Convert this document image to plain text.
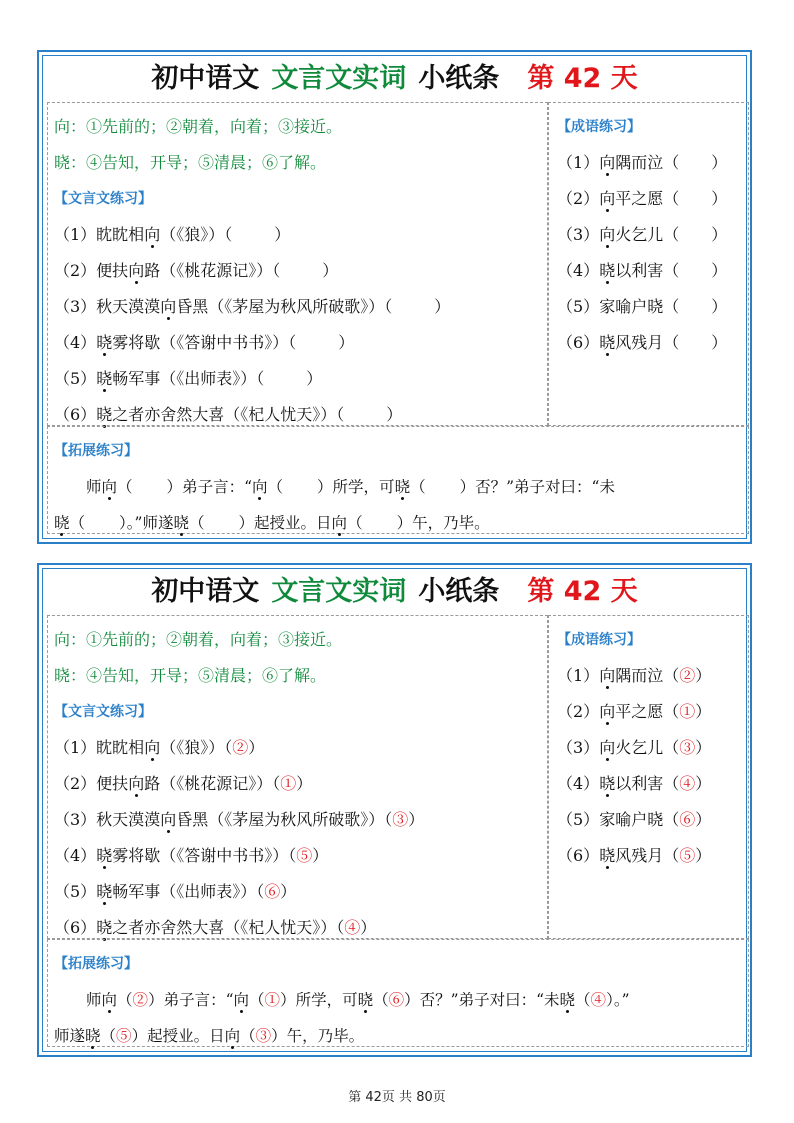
初中语文 文言文实词 小纸条 第 42 天
向：①先前的；②朝着，向着；③接近。
晓：④告知，开导；⑤清晨；⑥了解。
【文言文练习】
（1）眈眈相向（《狼》）（	）
（2）便扶向路（《桃花源记》）（	）
（3）秋天漠漠向昏黑（《茅屋为秋风所破歌》）（	）
（4）晓雾将歇（《答谢中书书》）（	）
（5）晓畅军事（《出师表》）（	）
（6）晓之者亦舍然大喜（《杞人忧天》）（	）
【成语练习】
（1）向隅而泣（ ）
（2）向平之愿（ ）
（3）向火乞儿（ ）
（4）晓以利害（ ）
（5）家喻户晓（ ）
（6）晓风残月（ ）
【拓展练习】
师向（ ）弟子言：“向（ ）所学，可晓（ ）否？”弟子对曰：“未
晓（ ）。”师遂晓（ ）起授业。日向（ ）午，乃毕。
初中语文 文言文实词 小纸条 第 42 天
向：①先前的；②朝着，向着；③接近。
晓：④告知，开导；⑤清晨；⑥了解。
【文言文练习】
（1）眈眈相向（《狼》）（②）
（2）便扶向路（《桃花源记》）（①）
（3）秋天漠漠向昏黑（《茅屋为秋风所破歌》）（③）
（4）晓雾将歇（《答谢中书书》）（⑤）
（5）晓畅军事（《出师表》）（⑥）
（6）晓之者亦舍然大喜（《杞人忧天》）（④）
【成语练习】
（1）向隅而泣（②）
（2）向平之愿（①）
（3）向火乞儿（③）
（4）晓以利害（④）
（5）家喻户晓（⑥）
（6）晓风残月（⑤）
【拓展练习】
师向（②）弟子言：“向（①）所学，可晓（⑥）否？”弟子对曰：“未晓（④）。”
师遂晓（⑤）起授业。日向（③）午，乃毕。
第 42页 共 80页
